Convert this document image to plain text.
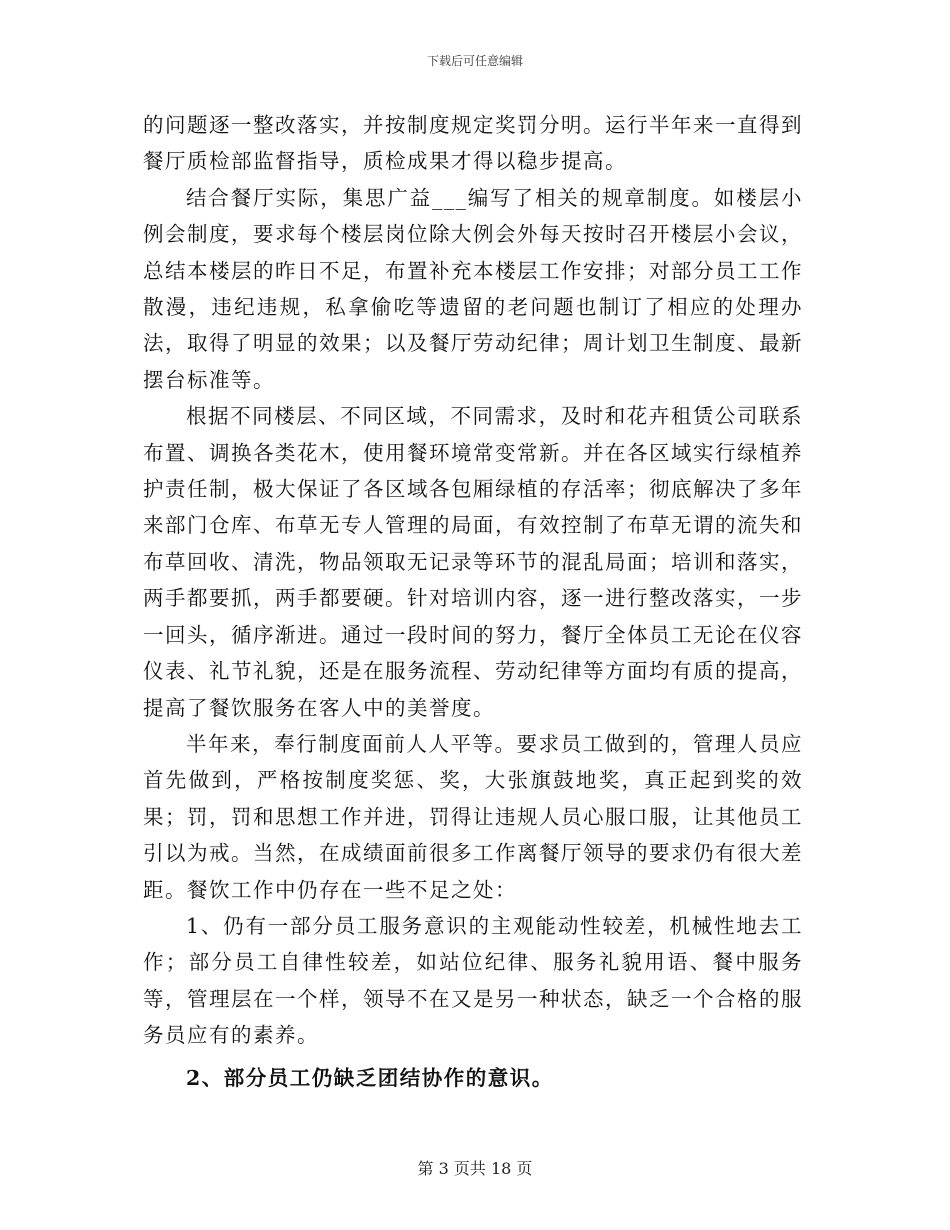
下载后可任意编辑

的问题逐一整改落实，并按制度规定奖罚分明。运行半年来一直得到餐厅质检部监督指导，质检成果才得以稳步提高。

结合餐厅实际，集思广益___编写了相关的规章制度。如楼层小例会制度，要求每个楼层岗位除大例会外每天按时召开楼层小会议，总结本楼层的昨日不足，布置补充本楼层工作安排；对部分员工工作散漫，违纪违规，私拿偷吃等遗留的老问题也制订了相应的处理办法，取得了明显的效果；以及餐厅劳动纪律；周计划卫生制度、最新摆台标准等。

根据不同楼层、不同区域，不同需求，及时和花卉租赁公司联系布置、调换各类花木，使用餐环境常变常新。并在各区域实行绿植养护责任制，极大保证了各区域各包厢绿植的存活率；彻底解决了多年来部门仓库、布草无专人管理的局面，有效控制了布草无谓的流失和布草回收、清洗，物品领取无记录等环节的混乱局面；培训和落实，两手都要抓，两手都要硬。针对培训内容，逐一进行整改落实，一步一回头，循序渐进。通过一段时间的努力，餐厅全体员工无论在仪容仪表、礼节礼貌，还是在服务流程、劳动纪律等方面均有质的提高，提高了餐饮服务在客人中的美誉度。

半年来，奉行制度面前人人平等。要求员工做到的，管理人员应首先做到，严格按制度奖惩、奖，大张旗鼓地奖，真正起到奖的效果；罚，罚和思想工作并进，罚得让违规人员心服口服，让其他员工引以为戒。当然，在成绩面前很多工作离餐厅领导的要求仍有很大差距。餐饮工作中仍存在一些不足之处：

1、仍有一部分员工服务意识的主观能动性较差，机械性地去工作；部分员工自律性较差，如站位纪律、服务礼貌用语、餐中服务等，管理层在一个样，领导不在又是另一种状态，缺乏一个合格的服务员应有的素养。

2、部分员工仍缺乏团结协作的意识。

第 3 页共 18 页
